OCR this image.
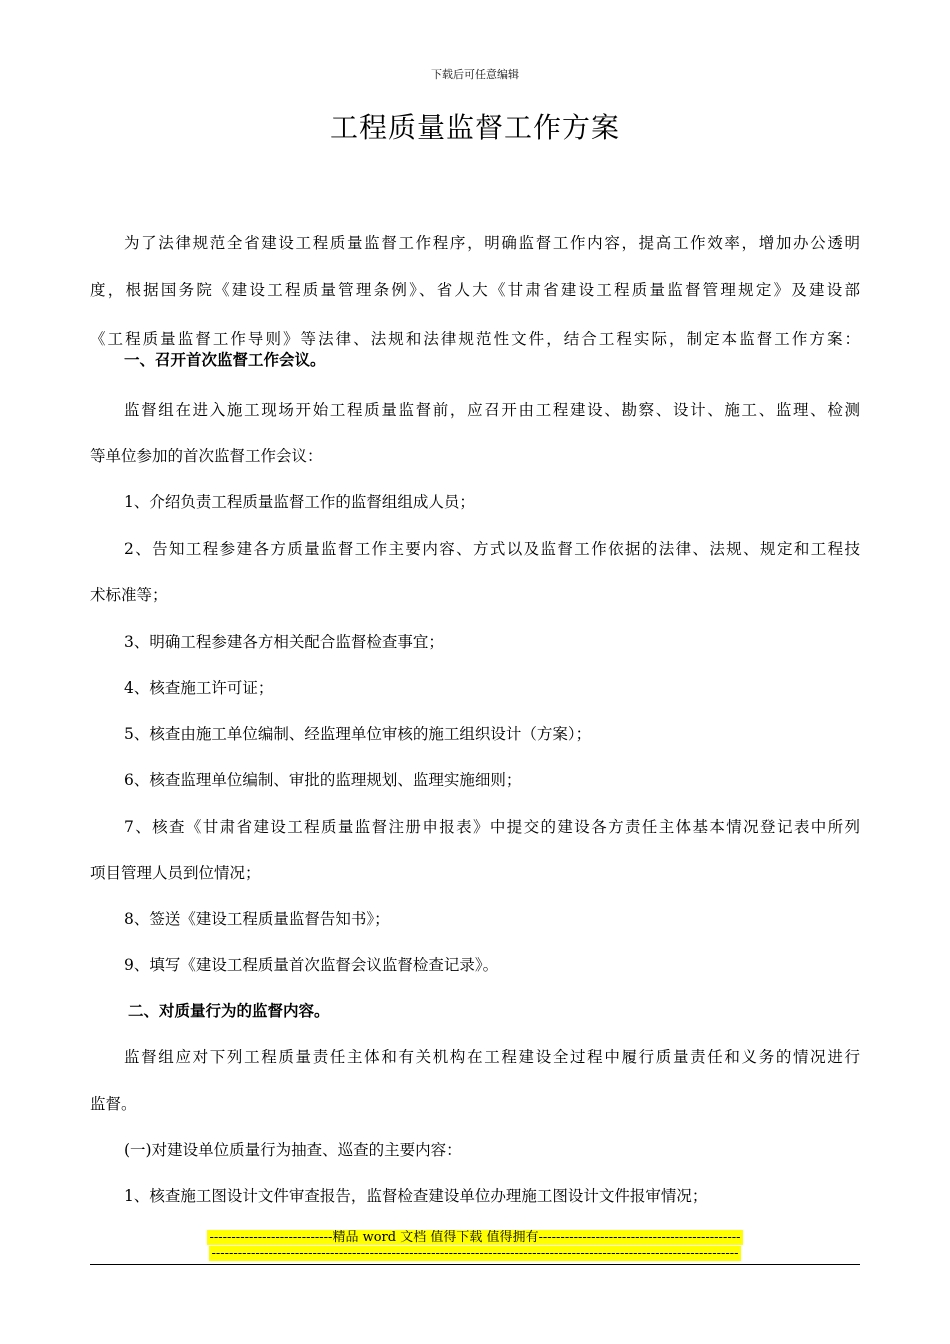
下载后可任意编辑
工程质量监督工作方案
为了法律规范全省建设工程质量监督工作程序，明确监督工作内容，提高工作效率，增加办公透明
度，根据国务院《建设工程质量管理条例》、省人大《甘肃省建设工程质量监督管理规定》及建设部
《工程质量监督工作导则》等法律、法规和法律规范性文件，结合工程实际，制定本监督工作方案：
一、召开首次监督工作会议。
监督组在进入施工现场开始工程质量监督前，应召开由工程建设、勘察、设计、施工、监理、检测
等单位参加的首次监督工作会议：
1、介绍负责工程质量监督工作的监督组组成人员；
2、告知工程参建各方质量监督工作主要内容、方式以及监督工作依据的法律、法规、规定和工程技
术标准等；
3、明确工程参建各方相关配合监督检查事宜；
4、核查施工许可证；
5、核查由施工单位编制、经监理单位审核的施工组织设计（方案）；
6、核查监理单位编制、审批的监理规划、监理实施细则；
7、核查《甘肃省建设工程质量监督注册申报表》中提交的建设各方责任主体基本情况登记表中所列
项目管理人员到位情况；
8、签送《建设工程质量监督告知书》；
9、填写《建设工程质量首次监督会议监督检查记录》。
二、对质量行为的监督内容。
监督组应对下列工程质量责任主体和有关机构在工程建设全过程中履行质量责任和义务的情况进行
监督。
(一)对建设单位质量行为抽查、巡查的主要内容：
1、核查施工图设计文件审查报告，监督检查建设单位办理施工图设计文件报审情况；
----------------------------精品 word 文档 值得下载 值得拥有----------------------------------------------
------------------------------------------------------------------------------------------------------------------------
